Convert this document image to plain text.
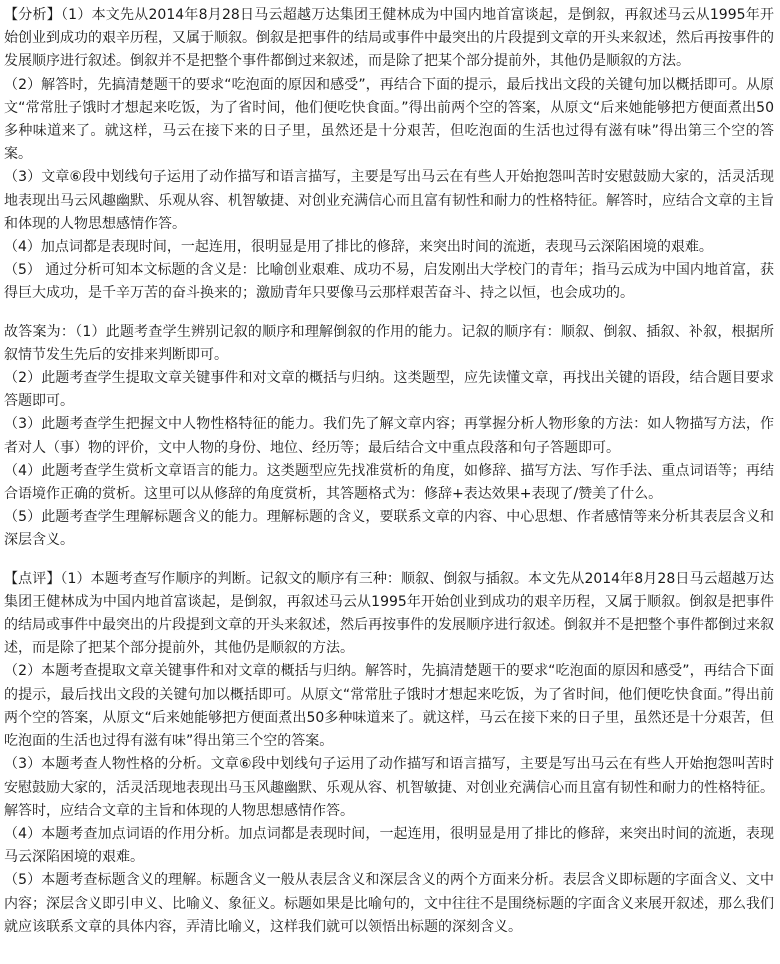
【分析】（1）本文先从2014年8月28日马云超越万达集团王健林成为中国内地首富谈起，是倒叙，再叙述马云从1995年开始创业到成功的艰辛历程，又属于顺叙。倒叙是把事件的结局或事件中最突出的片段提到文章的开头来叙述，然后再按事件的发展顺序进行叙述。倒叙并不是把整个事件都倒过来叙述，而是除了把某个部分提前外，其他仍是顺叙的方法。

（2）解答时，先搞清楚题干的要求“吃泡面的原因和感受”，再结合下面的提示，最后找出文段的关键句加以概括即可。从原文“常常肚子饿时才想起来吃饭，为了省时间，他们便吃快食面。”得出前两个空的答案，从原文“后来她能够把方便面煮出50多种味道来了。就这样，马云在接下来的日子里，虽然还是十分艰苦，但吃泡面的生活也过得有滋有味”得出第三个空的答案。

（3）文章⑥段中划线句子运用了动作描写和语言描写，主要是写出马云在有些人开始抱怨叫苦时安慰鼓励大家的，活灵活现地表现出马云风趣幽默、乐观从容、机智敏捷、对创业充满信心而且富有韧性和耐力的性格特征。解答时，应结合文章的主旨和体现的人物思想感情作答。

（4）加点词都是表现时间，一起连用，很明显是用了排比的修辞，来突出时间的流逝，表现马云深陷困境的艰难。

（5） 通过分析可知本文标题的含义是：比喻创业艰难、成功不易，启发刚出大学校门的青年；指马云成为中国内地首富，获得巨大成功，是千辛万苦的奋斗换来的；激励青年只要像马云那样艰苦奋斗、持之以恒，也会成功的。

故答案为：（1）此题考查学生辨别记叙的顺序和理解倒叙的作用的能力。记叙的顺序有：顺叙、倒叙、插叙、补叙，根据所叙情节发生先后的安排来判断即可。

（2）此题考查学生提取文章关键事件和对文章的概括与归纳。这类题型，应先读懂文章，再找出关键的语段，结合题目要求答题即可。

（3）此题考查学生把握文中人物性格特征的能力。我们先了解文章内容；再掌握分析人物形象的方法：如人物描写方法，作者对人（事）物的评价，文中人物的身份、地位、经历等；最后结合文中重点段落和句子答题即可。

（4）此题考查学生赏析文章语言的能力。这类题型应先找准赏析的角度，如修辞、描写方法、写作手法、重点词语等；再结合语境作正确的赏析。这里可以从修辞的角度赏析，其答题格式为：修辞+表达效果+表现了/赞美了什么。

（5）此题考查学生理解标题含义的能力。理解标题的含义，要联系文章的内容、中心思想、作者感情等来分析其表层含义和深层含义。

【点评】（1）本题考查写作顺序的判断。记叙文的顺序有三种：顺叙、倒叙与插叙。本文先从2014年8月28日马云超越万达集团王健林成为中国内地首富谈起，是倒叙，再叙述马云从1995年开始创业到成功的艰辛历程，又属于顺叙。倒叙是把事件的结局或事件中最突出的片段提到文章的开头来叙述，然后再按事件的发展顺序进行叙述。倒叙并不是把整个事件都倒过来叙述，而是除了把某个部分提前外，其他仍是顺叙的方法。

（2）本题考查提取文章关键事件和对文章的概括与归纳。解答时，先搞清楚题干的要求“吃泡面的原因和感受”，再结合下面的提示，最后找出文段的关键句加以概括即可。从原文“常常肚子饿时才想起来吃饭，为了省时间，他们便吃快食面。”得出前两个空的答案，从原文“后来她能够把方便面煮出50多种味道来了。就这样，马云在接下来的日子里，虽然还是十分艰苦，但吃泡面的生活也过得有滋有味”得出第三个空的答案。

（3）本题考查人物性格的分析。文章⑥段中划线句子运用了动作描写和语言描写，主要是写出马云在有些人开始抱怨叫苦时安慰鼓励大家的，活灵活现地表现出马玉风趣幽默、乐观从容、机智敏捷、对创业充满信心而且富有韧性和耐力的性格特征。解答时，应结合文章的主旨和体现的人物思想感情作答。

（4）本题考查加点词语的作用分析。加点词都是表现时间，一起连用，很明显是用了排比的修辞，来突出时间的流逝，表现马云深陷困境的艰难。

（5）本题考查标题含义的理解。标题含义一般从表层含义和深层含义的两个方面来分析。表层含义即标题的字面含义、文中内容；深层含义即引申义、比喻义、象征义。标题如果是比喻句的，文中往往不是围绕标题的字面含义来展开叙述，那么我们就应该联系文章的具体内容，弄清比喻义，这样我们就可以领悟出标题的深刻含义。
